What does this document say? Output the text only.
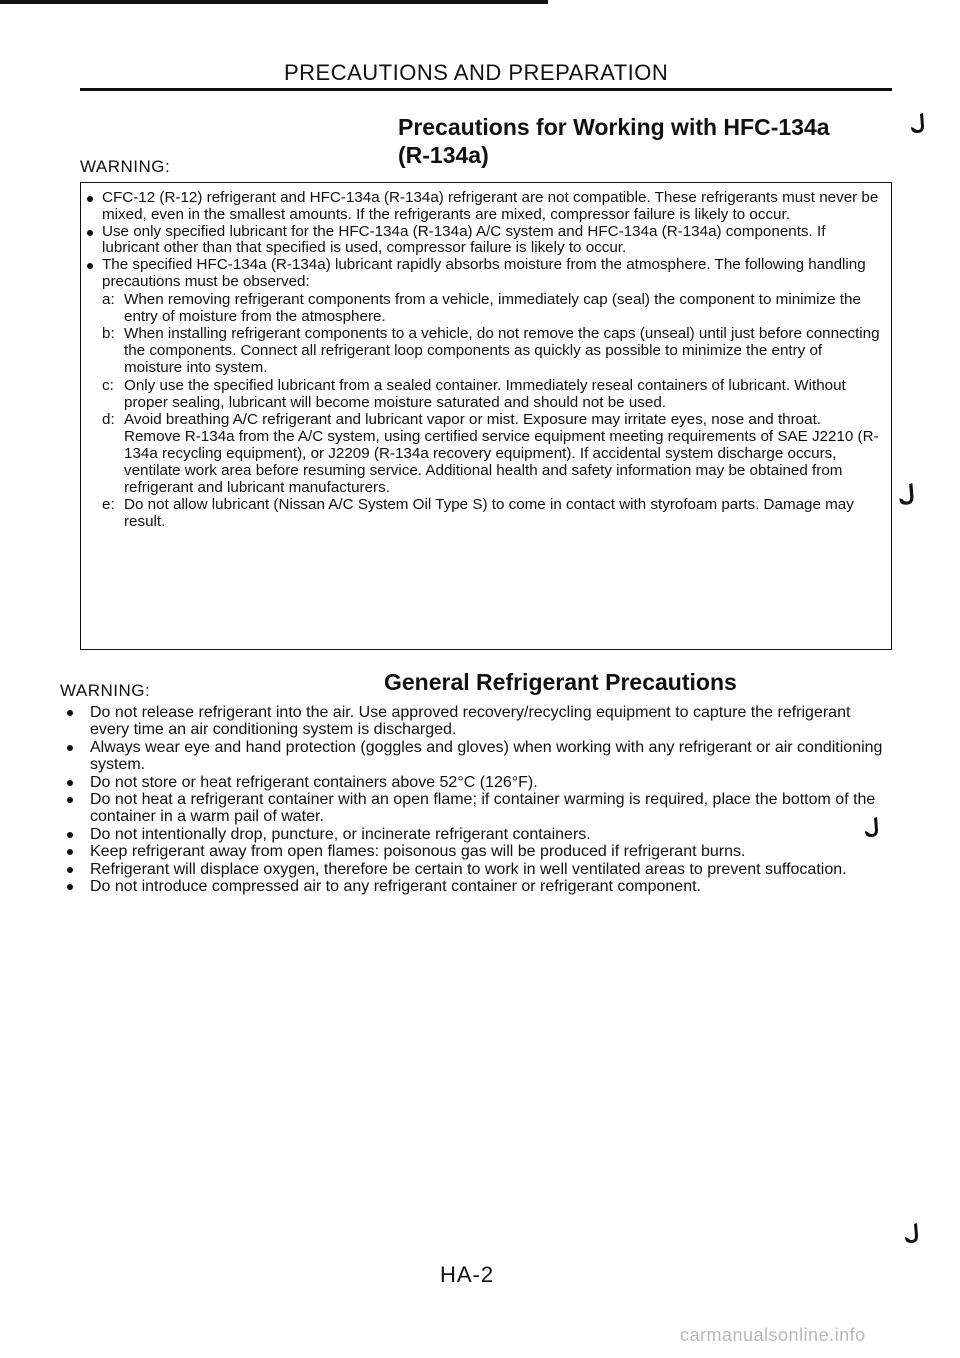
PRECAUTIONS AND PREPARATION
Precautions for Working with HFC-134a (R-134a)
WARNING:
CFC-12 (R-12) refrigerant and HFC-134a (R-134a) refrigerant are not compatible. These refrigerants must never be mixed, even in the smallest amounts. If the refrigerants are mixed, compressor failure is likely to occur.
Use only specified lubricant for the HFC-134a (R-134a) A/C system and HFC-134a (R-134a) components. If lubricant other than that specified is used, compressor failure is likely to occur.
The specified HFC-134a (R-134a) lubricant rapidly absorbs moisture from the atmosphere. The following handling precautions must be observed:
a: When removing refrigerant components from a vehicle, immediately cap (seal) the component to minimize the entry of moisture from the atmosphere.
b: When installing refrigerant components to a vehicle, do not remove the caps (unseal) until just before connecting the components. Connect all refrigerant loop components as quickly as possible to minimize the entry of moisture into system.
c: Only use the specified lubricant from a sealed container. Immediately reseal containers of lubricant. Without proper sealing, lubricant will become moisture saturated and should not be used.
d: Avoid breathing A/C refrigerant and lubricant vapor or mist. Exposure may irritate eyes, nose and throat. Remove R-134a from the A/C system, using certified service equipment meeting requirements of SAE J2210 (R-134a recycling equipment), or J2209 (R-134a recovery equipment). If accidental system discharge occurs, ventilate work area before resuming service. Additional health and safety information may be obtained from refrigerant and lubricant manufacturers.
e: Do not allow lubricant (Nissan A/C System Oil Type S) to come in contact with styrofoam parts. Damage may result.
General Refrigerant Precautions
WARNING:
Do not release refrigerant into the air. Use approved recovery/recycling equipment to capture the refrigerant every time an air conditioning system is discharged.
Always wear eye and hand protection (goggles and gloves) when working with any refrigerant or air conditioning system.
Do not store or heat refrigerant containers above 52°C (126°F).
Do not heat a refrigerant container with an open flame; if container warming is required, place the bottom of the container in a warm pail of water.
Do not intentionally drop, puncture, or incinerate refrigerant containers.
Keep refrigerant away from open flames: poisonous gas will be produced if refrigerant burns.
Refrigerant will displace oxygen, therefore be certain to work in well ventilated areas to prevent suffocation.
Do not introduce compressed air to any refrigerant container or refrigerant component.
HA-2
carmanualsonline.info
